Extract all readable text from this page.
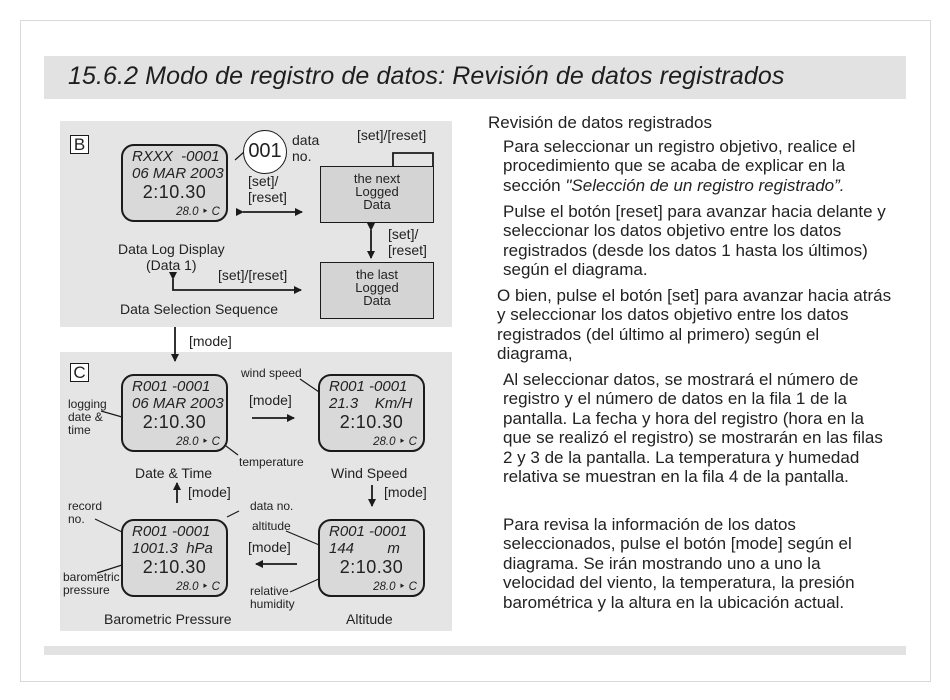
15.6.2 Modo de registro de datos: Revisión de datos registrados
B
RXXX  -0001
06 MAR 2003
2:10.30
28.0 ‣ C
001 data
no.
[set]/[reset]
[set]/
[reset]
the next
Logged
Data
[set]/
[reset]
the last
Logged
Data
Data Log Display
(Data 1)
[set]/[reset]
Data Selection Sequence
[mode]
C
R001 -0001
06 MAR 2003
2:10.30
28.0 ‣ C
R001 -0001
21.3    Km/H
2:10.30
28.0 ‣ C
R001 -0001
1001.3  hPa
2:10.30
28.0 ‣ C
R001 -0001
144        m
2:10.30
28.0 ‣ C
logging
date &
time
wind speed
[mode]
temperature
Date & Time	Wind Speed
[mode]
[mode]
record
no.
data no.
altitude
[mode]
barometric
pressure	relative
humidity
Barometric Pressure	Altitude
Revisión de datos registrados

Para seleccionar un registro objetivo, realice el procedimiento que se acaba de explicar en la sección "Selección de un registro registrado”.

Pulse el botón [reset] para avanzar hacia delante y seleccionar los datos objetivo entre los datos registrados (desde los datos 1 hasta los últimos) según el diagrama.

O bien, pulse el botón [set] para avanzar hacia atrás y seleccionar los datos objetivo entre los datos registrados (del último al primero) según el diagrama,

Al seleccionar datos, se mostrará el número de registro y el número de datos en la fila 1 de la pantalla. La fecha y hora del registro (hora en la que se realizó el registro) se mostrarán en las filas 2 y 3 de la pantalla. La temperatura y humedad relativa se muestran en la fila 4 de la pantalla.

Para revisa la información de los datos seleccionados, pulse el botón [mode] según el diagrama. Se irán mostrando uno a uno la velocidad del viento, la temperatura, la presión barométrica y la altura en la ubicación actual.
